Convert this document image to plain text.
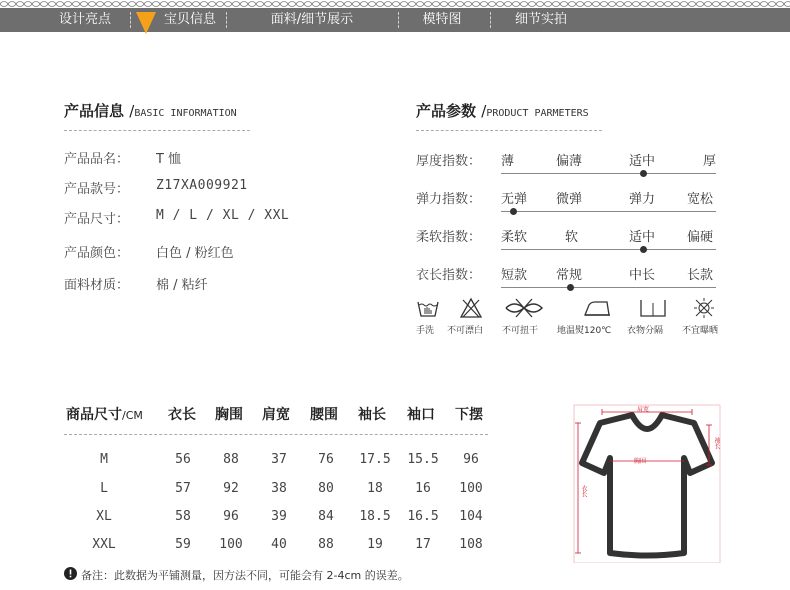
设计亮点	宝贝信息	面料/细节展示	模特图	细节实拍
产品信息 /BASIC INFORMATION
产品品名： T 恤
产品款号： Z17XA009921
产品尺寸： M / L / XL / XXL
产品颜色： 白色 / 粉红色
面料材质： 棉 / 粘纤
产品参数 /PRODUCT PARMETERS
厚度指数： 薄	偏薄	适中	厚
弹力指数： 无弹 微弹	弹力 宽松
柔软指数： 柔软	软	适中 偏硬
衣长指数： 短款 常规	中长 长款
手洗 不可漂白 不可扭干 地温熨120℃ 衣物分隔 不宜曝晒
商品尺寸/CM 衣长 胸围 肩宽 腰围 袖长 袖口 下摆
M	56	88	37	76	17.5	15.5	96
L	57	92	38	80	18	16	100
XL	58	96	39	84	18.5	16.5	104
XXL	59	100	40	88	19	17	108
备注：此数据为平铺测量，因方法不同，可能会有 2-4cm 的误差。
肩宽
胸围
衣长
袖长
